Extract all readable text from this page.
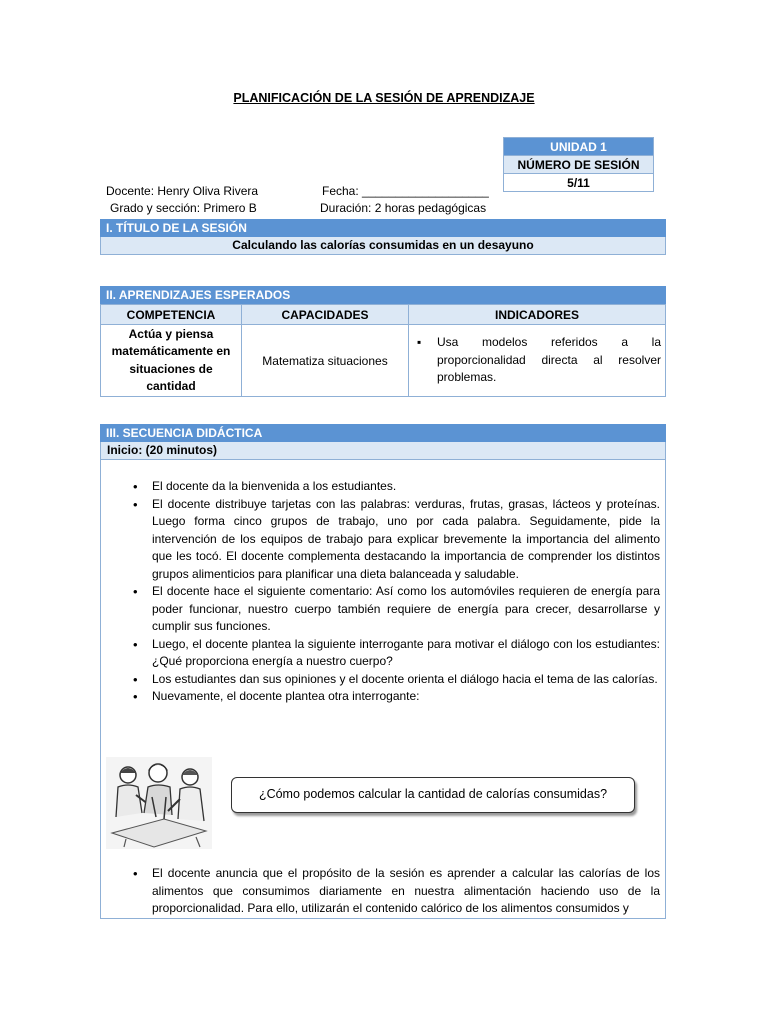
PLANIFICACIÓN DE LA SESIÓN DE APRENDIZAJE
UNIDAD 1
NÚMERO DE SESIÓN
5/11
Docente: Henry Oliva Rivera	Fecha: ___________________
Grado y sección: Primero B	Duración: 2 horas pedagógicas
I. TÍTULO DE LA SESIÓN
Calculando las calorías consumidas en un desayuno
II. APRENDIZAJES ESPERADOS
COMPETENCIA	CAPACIDADES	INDICADORES
Actúa y piensa matemáticamente en situaciones de cantidad	Matematiza situaciones	▪ Usa modelos referidos a la proporcionalidad directa al resolver problemas.
III. SECUENCIA DIDÁCTICA
Inicio: (20 minutos)
• El docente da la bienvenida a los estudiantes.
• El docente distribuye tarjetas con las palabras: verduras, frutas, grasas, lácteos y proteínas. Luego forma cinco grupos de trabajo, uno por cada palabra. Seguidamente, pide la intervención de los equipos de trabajo para explicar brevemente la importancia del alimento que les tocó. El docente complementa destacando la importancia de comprender los distintos grupos alimenticios para planificar una dieta balanceada y saludable.
• El docente hace el siguiente comentario: Así como los automóviles requieren de energía para poder funcionar, nuestro cuerpo también requiere de energía para crecer, desarrollarse y cumplir sus funciones.
• Luego, el docente plantea la siguiente interrogante para motivar el diálogo con los estudiantes: ¿Qué proporciona energía a nuestro cuerpo?
• Los estudiantes dan sus opiniones y el docente orienta el diálogo hacia el tema de las calorías.
• Nuevamente, el docente plantea otra interrogante:
¿Cómo podemos calcular la cantidad de calorías consumidas?
• El docente anuncia que el propósito de la sesión es aprender a calcular las calorías de los alimentos que consumimos diariamente en nuestra alimentación haciendo uso de la proporcionalidad. Para ello, utilizarán el contenido calórico de los alimentos consumidos y
